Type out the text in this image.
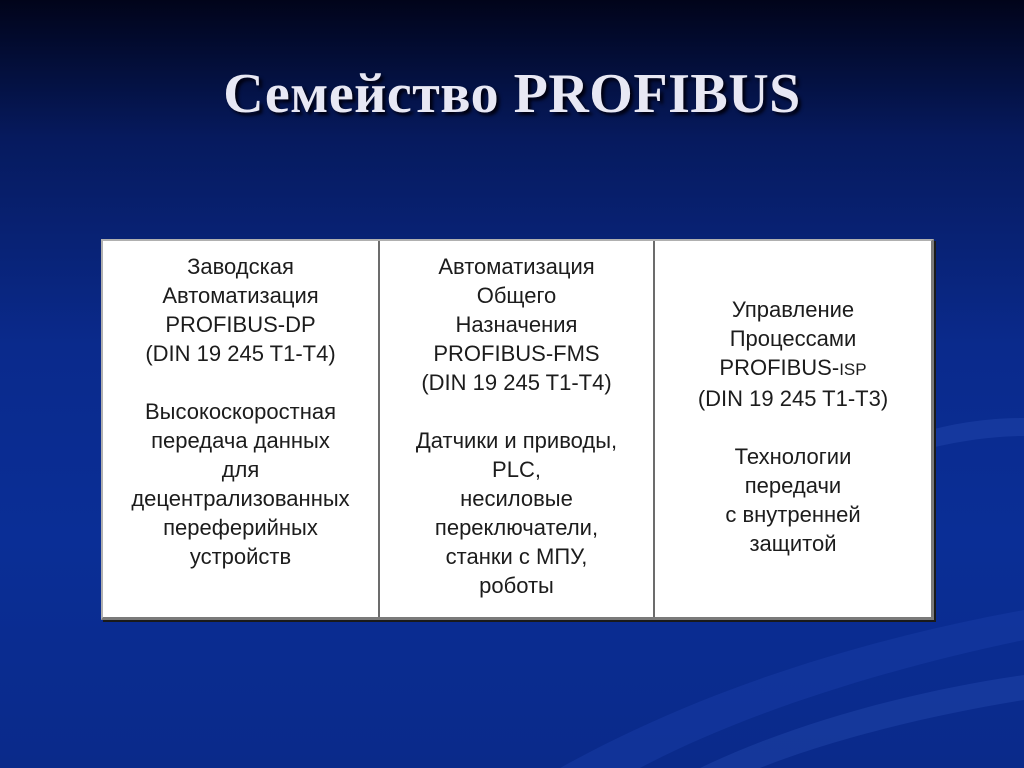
Семейство PROFIBUS
Заводская
Автоматизация
PROFIBUS-DP
(DIN 19 245 T1-T4)
Высокоскоростная
передача данных
для
децентрализованных
переферийных
устройств
Автоматизация
Общего
Назначения
PROFIBUS-FMS
(DIN 19 245 T1-T4)
Датчики и приводы,
PLC,
несиловые
переключатели,
станки с МПУ,
роботы
Управление
Процессами
PROFIBUS-ISP
(DIN 19 245 T1-T3)
Технологии
передачи
с внутренней
защитой
